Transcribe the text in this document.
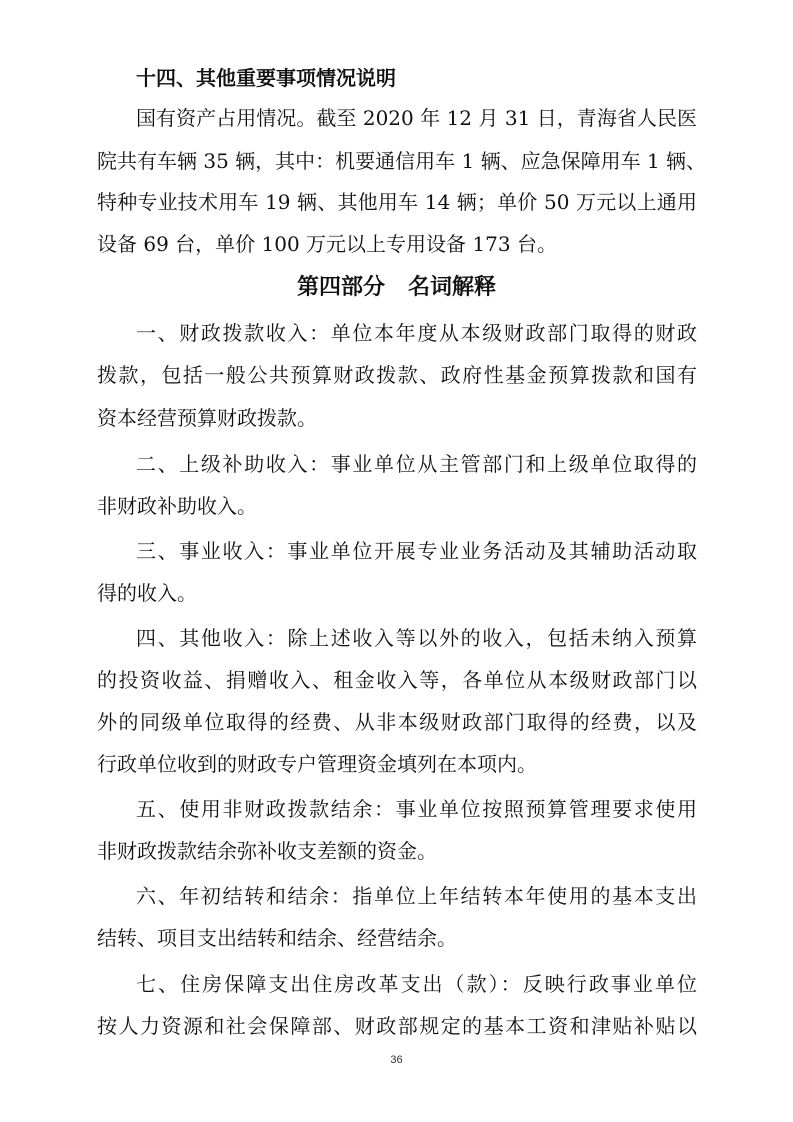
十四、其他重要事项情况说明
国有资产占用情况。截至 2020 年 12 月 31 日，青海省人民医
院共有车辆 35 辆，其中：机要通信用车 1 辆、应急保障用车 1 辆、
特种专业技术用车 19 辆、其他用车 14 辆；单价 50 万元以上通用
设备 69 台，单价 100 万元以上专用设备 173 台。
第四部分   名词解释
一、财政拨款收入：单位本年度从本级财政部门取得的财政
拨款，包括一般公共预算财政拨款、政府性基金预算拨款和国有
资本经营预算财政拨款。
二、上级补助收入：事业单位从主管部门和上级单位取得的
非财政补助收入。
三、事业收入：事业单位开展专业业务活动及其辅助活动取
得的收入。
四、其他收入：除上述收入等以外的收入，包括未纳入预算
的投资收益、捐赠收入、租金收入等，各单位从本级财政部门以
外的同级单位取得的经费、从非本级财政部门取得的经费，以及
行政单位收到的财政专户管理资金填列在本项内。
五、使用非财政拨款结余：事业单位按照预算管理要求使用
非财政拨款结余弥补收支差额的资金。
六、年初结转和结余：指单位上年结转本年使用的基本支出
结转、项目支出结转和结余、经营结余。
七、住房保障支出住房改革支出（款）：反映行政事业单位
按人力资源和社会保障部、财政部规定的基本工资和津贴补贴以
36
